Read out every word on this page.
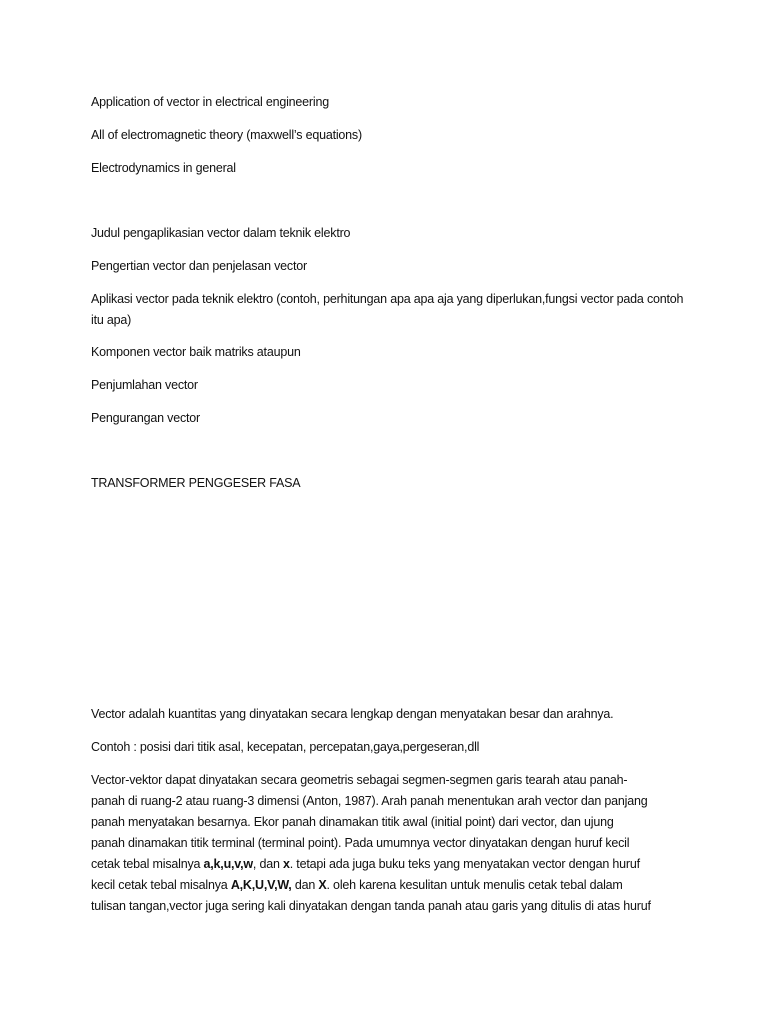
Application of vector in electrical engineering
All of electromagnetic theory (maxwell’s equations)
Electrodynamics in general
Judul pengaplikasian vector dalam teknik elektro
Pengertian vector dan penjelasan vector
Aplikasi vector pada teknik elektro (contoh, perhitungan apa apa aja yang diperlukan,fungsi vector pada contoh itu apa)
Komponen vector baik matriks ataupun
Penjumlahan vector
Pengurangan vector
TRANSFORMER PENGGESER FASA
Vector adalah kuantitas yang dinyatakan secara lengkap dengan menyatakan besar dan arahnya.
Contoh : posisi dari titik asal, kecepatan, percepatan,gaya,pergeseran,dll
Vector-vektor dapat dinyatakan secara geometris sebagai segmen-segmen garis tearah atau panah-
panah di ruang-2 atau ruang-3 dimensi (Anton, 1987). Arah panah menentukan arah vector dan panjang
panah menyatakan besarnya. Ekor panah dinamakan titik awal (initial point) dari vector, dan ujung
panah dinamakan titik terminal (terminal point). Pada umumnya vector dinyatakan dengan huruf kecil
cetak tebal misalnya a,k,u,v,w, dan x. tetapi ada juga buku teks yang menyatakan vector dengan huruf
kecil cetak tebal misalnya A,K,U,V,W, dan X. oleh karena kesulitan untuk menulis cetak tebal dalam
tulisan tangan,vector juga sering kali dinyatakan dengan tanda panah atau garis yang ditulis di atas huruf
